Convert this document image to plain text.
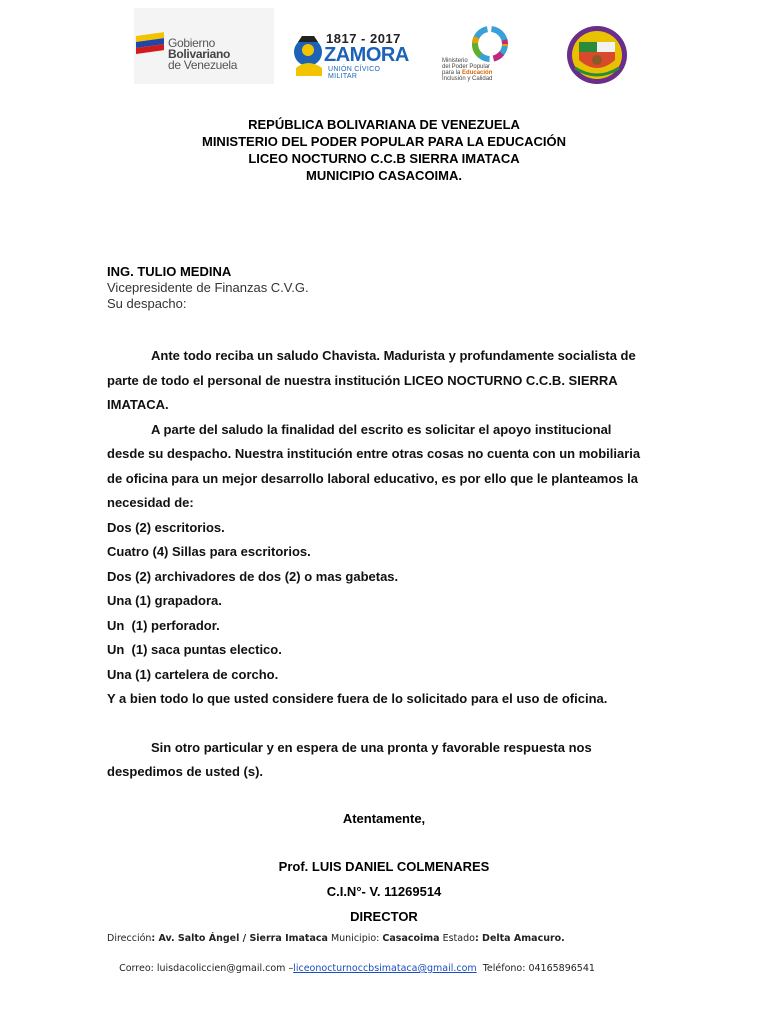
Gobierno Bolivariano
de Venezuela
1817 - 2017
ZAMORA
UNIÓN CÍVICO MILITAR
Ministerio
del Poder Popular
para la Educación
Inclusión y Calidad
REPÚBLICA BOLIVARIANA DE VENEZUELA
MINISTERIO DEL PODER POPULAR PARA LA EDUCACIÓN
LICEO NOCTURNO C.C.B SIERRA IMATACA
MUNICIPIO CASACOIMA.
ING. TULIO MEDINA
Vicepresidente de Finanzas C.V.G.
Su despacho:

Ante todo reciba un saludo Chavista. Madurista y profundamente socialista de parte de todo el personal de nuestra institución LICEO NOCTURNO C.C.B. SIERRA IMATACA.

A parte del saludo la finalidad del escrito es solicitar el apoyo institucional desde su despacho. Nuestra institución entre otras cosas no cuenta con un mobiliaria de oficina para un mejor desarrollo laboral educativo, es por ello que le planteamos la necesidad de:

Dos (2) escritorios.

Cuatro (4) Sillas para escritorios.

Dos (2) archivadores de dos (2) o mas gabetas.

Una (1) grapadora.

Un  (1) perforador.

Un  (1) saca puntas electico.

Una (1) cartelera de corcho.

Y a bien todo lo que usted considere fuera de lo solicitado para el uso de oficina.

Sin otro particular y en espera de una pronta y favorable respuesta nos despedimos de usted (s).

Atentamente,
Prof. LUIS DANIEL COLMENARES
C.I.N°- V. 11269514
DIRECTOR
Dirección: Av. Salto Ángel / Sierra Imataca Municipio: Casacoima Estado: Delta Amacuro.

Correo: luisdacoliccien@gmail.com –liceonocturnoccbsimataca@gmail.com  Teléfono: 04165896541
